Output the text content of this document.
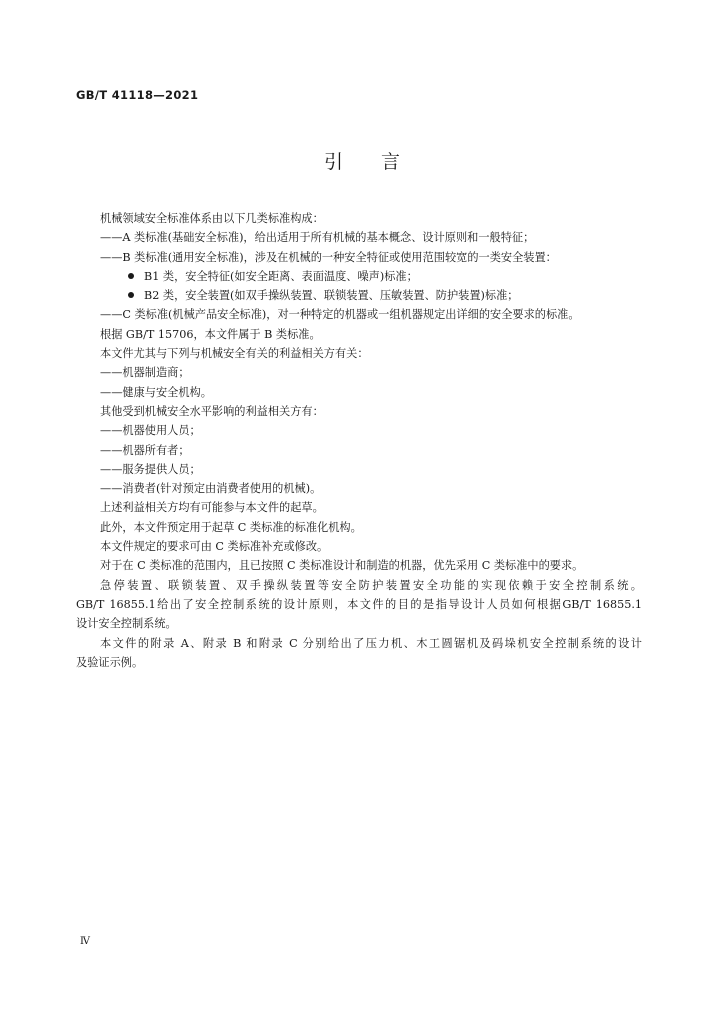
GB/T 41118—2021
引言
机械领域安全标准体系由以下几类标准构成：
——A 类标准(基础安全标准)，给出适用于所有机械的基本概念、设计原则和一般特征；
——B 类标准(通用安全标准)，涉及在机械的一种安全特征或使用范围较宽的一类安全装置：
B1 类，安全特征(如安全距离、表面温度、噪声)标准；
B2 类，安全装置(如双手操纵装置、联锁装置、压敏装置、防护装置)标准；
——C 类标准(机械产品安全标准)，对一种特定的机器或一组机器规定出详细的安全要求的标准。
根据 GB/T 15706，本文件属于 B 类标准。
本文件尤其与下列与机械安全有关的利益相关方有关：
——机器制造商；
——健康与安全机构。
其他受到机械安全水平影响的利益相关方有：
——机器使用人员；
——机器所有者；
——服务提供人员；
——消费者(针对预定由消费者使用的机械)。
上述利益相关方均有可能参与本文件的起草。
此外，本文件预定用于起草 C 类标准的标准化机构。
本文件规定的要求可由 C 类标准补充或修改。
对于在 C 类标准的范围内，且已按照 C 类标准设计和制造的机器，优先采用 C 类标准中的要求。
急停装置、联锁装置、双手操纵装置等安全防护装置安全功能的实现依赖于安全控制系统。
GB/T 16855.1给出了安全控制系统的设计原则，本文件的目的是指导设计人员如何根据GB/T 16855.1
设计安全控制系统。
本文件的附录 A、附录 B 和附录 C 分别给出了压力机、木工圆锯机及码垛机安全控制系统的设计
及验证示例。
Ⅳ
